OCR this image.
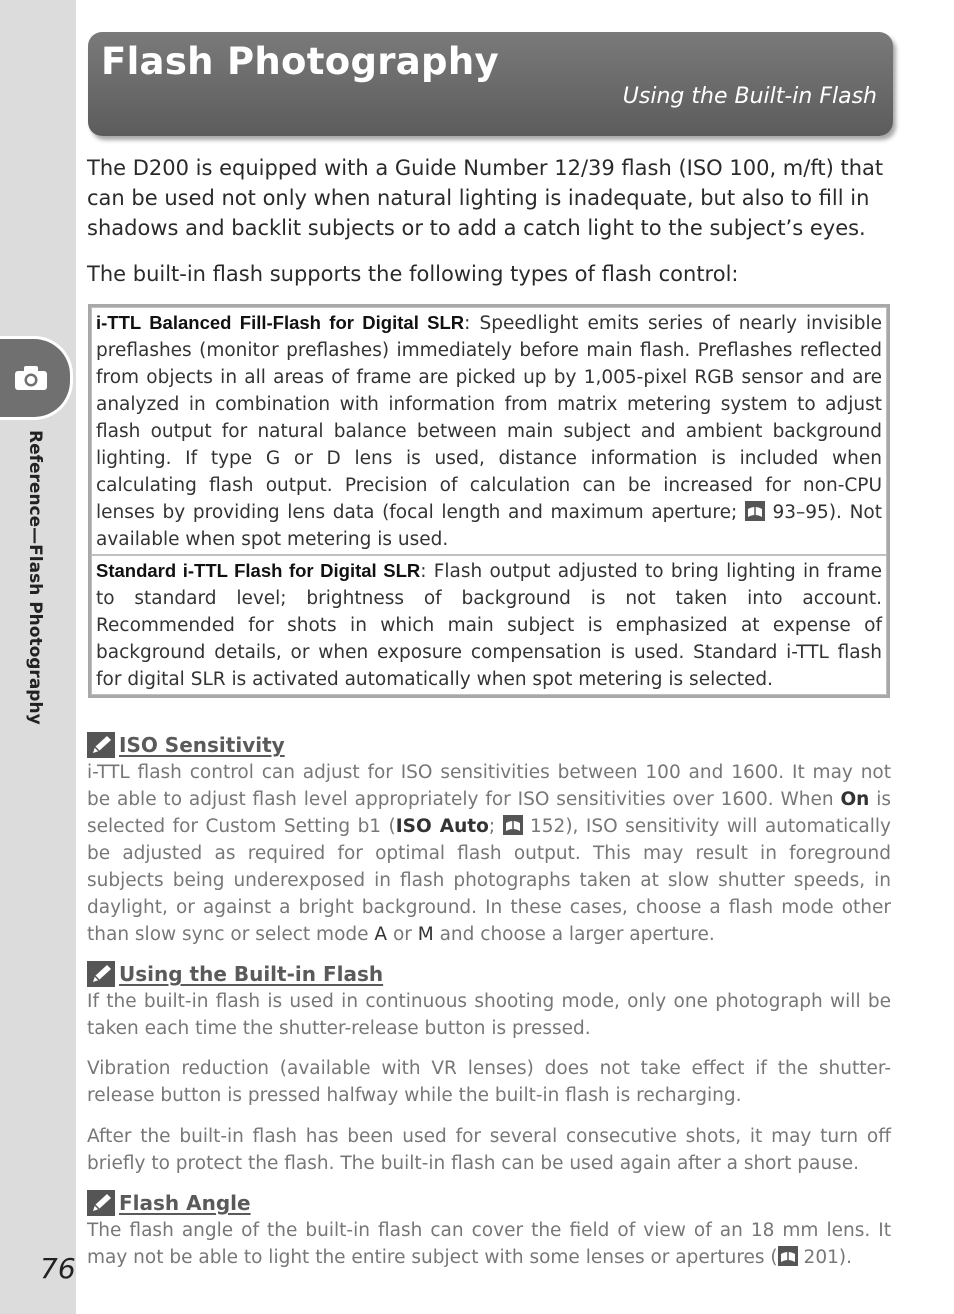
Reference—Flash Photography
76
Flash Photography
Using the Built-in Flash

The D200 is equipped with a Guide Number 12/39 flash (ISO 100, m/ft) that can be used not only when natural lighting is inadequate, but also to fill in shadows and backlit subjects or to add a catch light to the subject’s eyes.

The built-in flash supports the following types of flash control:

i-TTL Balanced Fill-Flash for Digital SLR: Speedlight emits series of nearly invisible preflashes (monitor preflashes) immediately before main flash. Preflashes reflected from objects in all areas of frame are picked up by 1,005-pixel RGB sensor and are analyzed in combination with information from matrix metering system to adjust flash output for natural balance between main subject and ambient background lighting. If type G or D lens is used, distance information is included when calculating flash output. Precision of calculation can be increased for non-CPU lenses by providing lens data (focal length and maximum aperture;  93–95). Not available when spot metering is used.
Standard i-TTL Flash for Digital SLR: Flash output adjusted to bring lighting in frame to standard level; brightness of background is not taken into account. Recommended for shots in which main subject is emphasized at expense of background details, or when exposure compensation is used. Standard i-TTL flash for digital SLR is activated automatically when spot metering is selected.
ISO Sensitivity

i-TTL flash control can adjust for ISO sensitivities between 100 and 1600. It may not be able to adjust flash level appropriately for ISO sensitivities over 1600. When On is selected for Custom Setting b1 (ISO Auto;  152), ISO sensitivity will automatically be adjusted as required for optimal flash output. This may result in foreground subjects being underexposed in flash photographs taken at slow shutter speeds, in daylight, or against a bright background. In these cases, choose a flash mode other than slow sync or select mode A or M and choose a larger aperture.

Using the Built-in Flash

If the built-in flash is used in continuous shooting mode, only one photograph will be taken each time the shutter-release button is pressed.

Vibration reduction (available with VR lenses) does not take effect if the shutter-release button is pressed halfway while the built-in flash is recharging.

After the built-in flash has been used for several consecutive shots, it may turn off briefly to protect the flash. The built-in flash can be used again after a short pause.

Flash Angle

The flash angle of the built-in flash can cover the field of view of an 18 mm lens. It may not be able to light the entire subject with some lenses or apertures ( 201).
